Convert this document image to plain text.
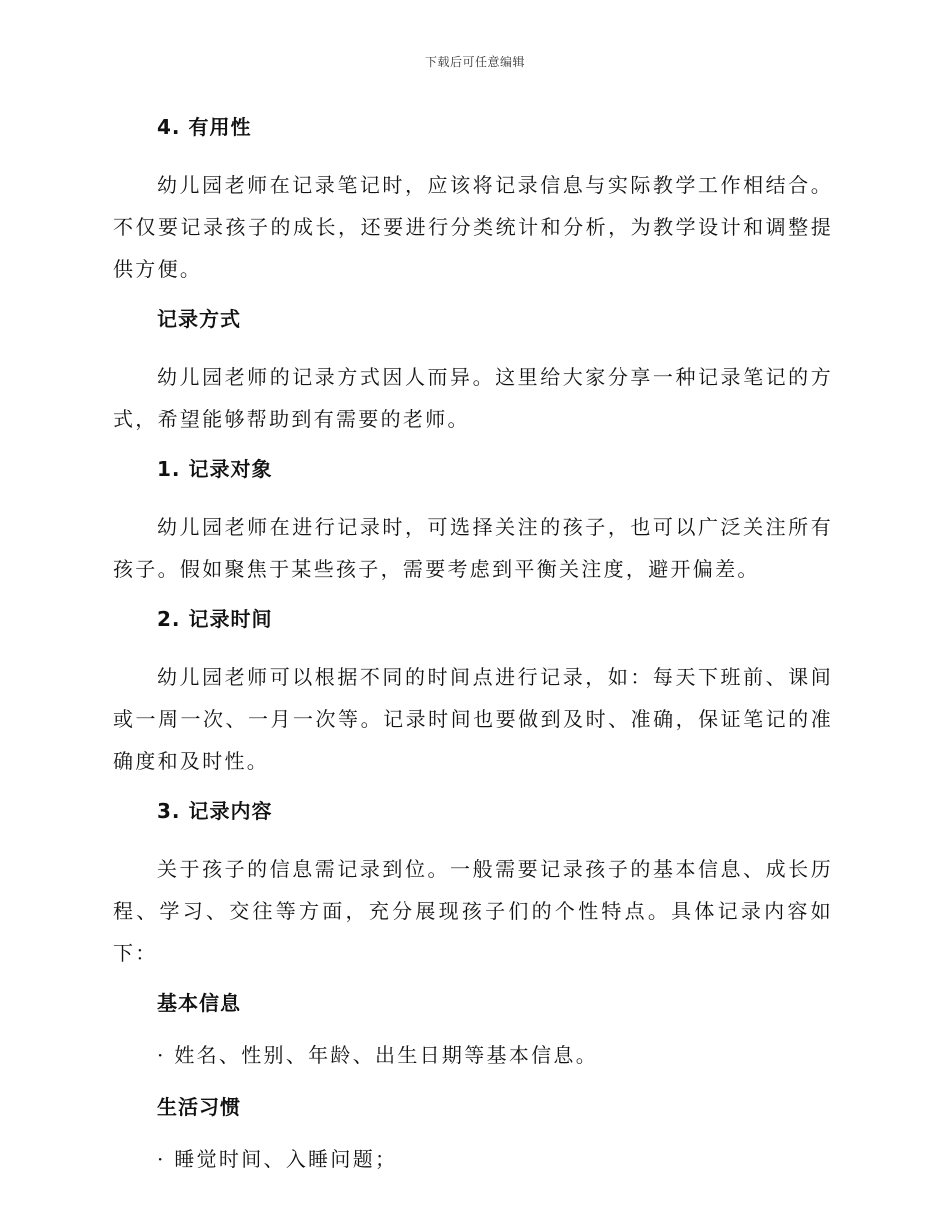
下载后可任意编辑
4. 有用性

幼儿园老师在记录笔记时，应该将记录信息与实际教学工作相结合。不仅要记录孩子的成长，还要进行分类统计和分析，为教学设计和调整提供方便。

记录方式

幼儿园老师的记录方式因人而异。这里给大家分享一种记录笔记的方式，希望能够帮助到有需要的老师。

1. 记录对象

幼儿园老师在进行记录时，可选择关注的孩子，也可以广泛关注所有孩子。假如聚焦于某些孩子，需要考虑到平衡关注度，避开偏差。

2. 记录时间

幼儿园老师可以根据不同的时间点进行记录，如：每天下班前、课间或一周一次、一月一次等。记录时间也要做到及时、准确，保证笔记的准确度和及时性。

3. 记录内容

关于孩子的信息需记录到位。一般需要记录孩子的基本信息、成长历程、学习、交往等方面，充分展现孩子们的个性特点。具体记录内容如下：

基本信息
· 姓名、性别、年龄、出生日期等基本信息。
生活习惯
· 睡觉时间、入睡问题；
